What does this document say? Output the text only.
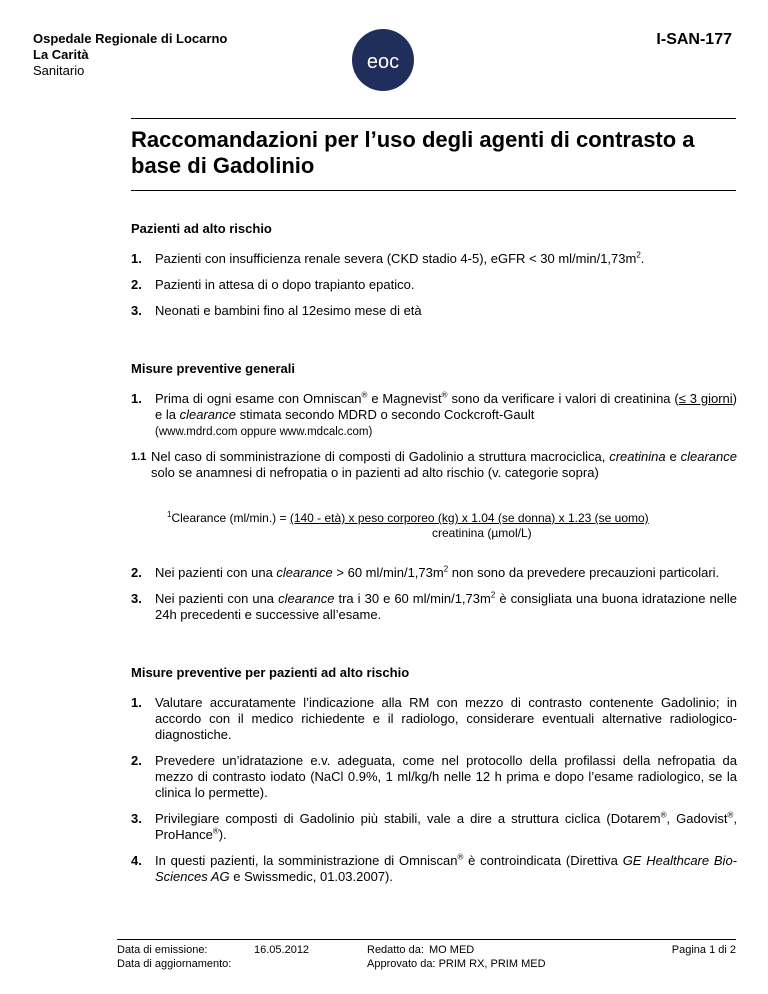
Ospedale Regionale di Locarno
La Carità
Sanitario	eoc
I-SAN-177
Raccomandazioni per l’uso degli agenti di contrasto a base di Gadolinio
Pazienti ad alto rischio
1.	Pazienti con insufficienza renale severa (CKD stadio 4-5), eGFR < 30 $ml/\min/1,73m^2$.
2.	Pazienti in attesa di o dopo trapianto epatico.
3.	Neonati e bambini fino al 12esimo mese di età
Misure preventive generali
1.	Prima di ogni esame con Omniscan® e Magnevist® sono da verificare i valori di creatinina (≤ 3 giorni) e la clearance stimata secondo MDRD o secondo Cockcroft-Gault
(www.mdrd.com oppure www.mdcalc.com)
1.1 Nel caso di somministrazione di composti di Gadolinio a struttura macrociclica, creatinina e clearance solo se anamnesi di nefropatia o in pazienti ad alto rischio (v. categorie sopra)
$^1$Clearance (ml/min.) = (140 - età) x peso corporeo (kg) x 1.04 (se donna) x 1.23 (se uomo)
creatinina (µmol/L)
2.	Nei pazienti con una clearance > 60 $ml/\min/1,73m^2$ non sono da prevedere precauzioni particolari.
3.	Nei pazienti con una clearance tra i 30 e 60 $ml/\min/1,73m^2$ è consigliata una buona idratazione nelle 24h precedenti e successive all’esame.
Misure preventive per pazienti ad alto rischio
1.	Valutare accuratamente l’indicazione alla RM con mezzo di contrasto contenente Gadolinio; in accordo con il medico richiedente e il radiologo, considerare eventuali alternative radiologico-diagnostiche.
2.	Prevedere un’idratazione e.v. adeguata, come nel protocollo della profilassi della nefropatia da mezzo di contrasto iodato (NaCl 0.9%, 1 ml/kg/h nelle 12 h prima e dopo l’esame radiologico, se la clinica lo permette).
3.	Privilegiare composti di Gadolinio più stabili, vale a dire a struttura ciclica (Dotarem®, Gadovist®, ProHance®).
4.	In questi pazienti, la somministrazione di Omniscan® è controindicata (Direttiva GE Healthcare Bio-Sciences AG e Swissmedic, 01.03.2007).
Data di emissione:	16.05.2012
Data di aggiornamento:
Redatto da: MO MED
Approvato da: PRIM RX, PRIM MED
Pagina 1 di 2
